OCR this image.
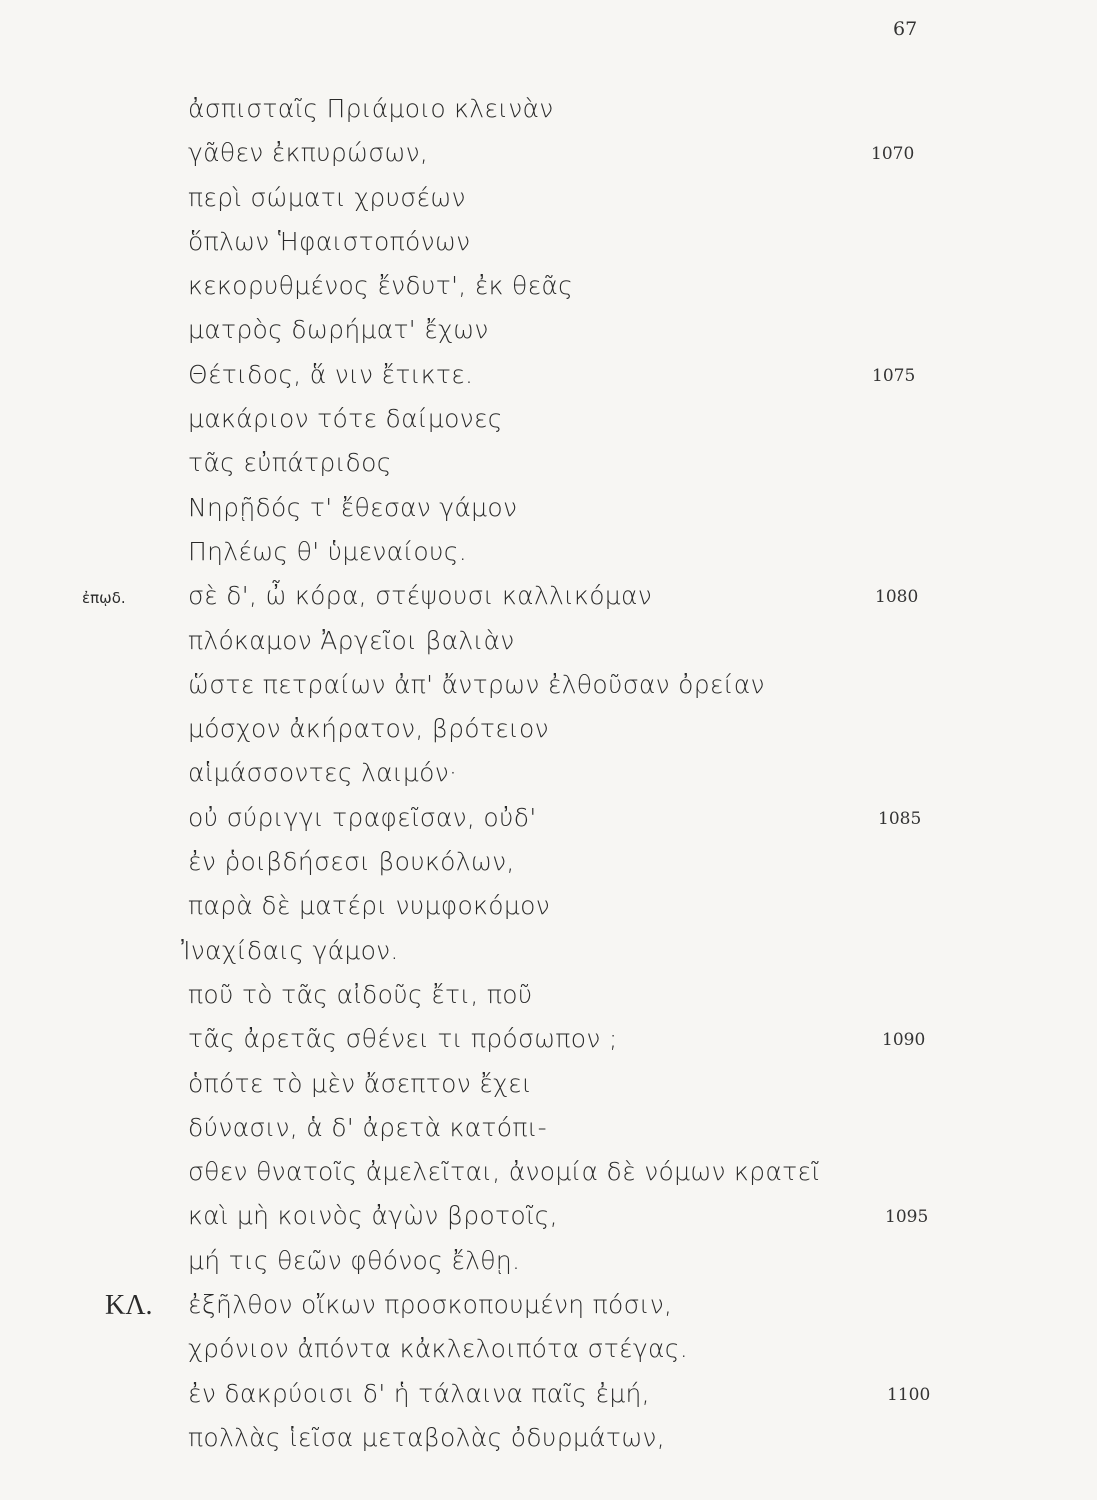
67
ἀσπισταῖς Πριάμοιο κλεινὰν
γᾶθεν ἐκπυρώσων,	1070
περὶ σώματι χρυσέων
ὅπλων Ἡφαιστοπόνων
κεκορυθμένος ἔνδυτ', ἐκ θεᾶς
ματρὸς δωρήματ' ἔχων
Θέτιδος, ἅ νιν ἔτικτε.	1075
μακάριον τότε δαίμονες
τᾶς εὐπάτριδος
Νηρῇδός τ' ἔθεσαν γάμον
Πηλέως θ' ὑμεναίους.
ἐπῳδ. σὲ δ', ὦ κόρα, στέψουσι καλλικόμαν	1080
πλόκαμον Ἀργεῖοι βαλιὰν
ὥστε πετραίων ἀπ' ἄντρων ἐλθοῦσαν ὀρείαν
μόσχον ἀκήρατον, βρότειον
αἱμάσσοντες λαιμόν·
οὐ σύριγγι τραφεῖσαν, οὐδ'	1085
ἐν ῥοιβδήσεσι βουκόλων,
παρὰ δὲ ματέρι νυμφοκόμον
Ἰναχίδαις γάμον.
ποῦ τὸ τᾶς αἰδοῦς ἔτι, ποῦ
τᾶς ἀρετᾶς σθένει τι πρόσωπον ;	1090
ὁπότε τὸ μὲν ἄσεπτον ἔχει
δύνασιν, ἁ δ' ἀρετὰ κατόπι-
σθεν θνατοῖς ἀμελεῖται, ἀνομία δὲ νόμων κρατεῖ
καὶ μὴ κοινὸς ἀγὼν βροτοῖς,	1095
μή τις θεῶν φθόνος ἔλθῃ.
ΚΛ. ἐξῆλθον οἴκων προσκοπουμένη πόσιν,
χρόνιον ἀπόντα κἀκλελοιπότα στέγας.
ἐν δακρύοισι δ' ἡ τάλαινα παῖς ἐμή,	1100
πολλὰς ἱεῖσα μεταβολὰς ὀδυρμάτων,
